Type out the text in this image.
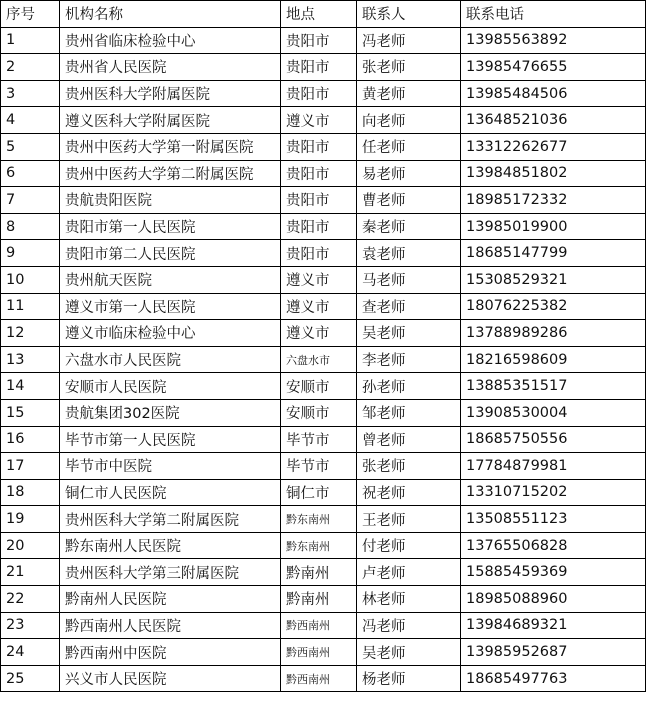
序号	机构名称	地点	联系人	联系电话
1	贵州省临床检验中心	贵阳市	冯老师	13985563892
2	贵州省人民医院	贵阳市	张老师	13985476655
3	贵州医科大学附属医院	贵阳市	黄老师	13985484506
4	遵义医科大学附属医院	遵义市	向老师	13648521036
5	贵州中医药大学第一附属医院	贵阳市	任老师	13312262677
6	贵州中医药大学第二附属医院	贵阳市	易老师	13984851802
7	贵航贵阳医院	贵阳市	曹老师	18985172332
8	贵阳市第一人民医院	贵阳市	秦老师	13985019900
9	贵阳市第二人民医院	贵阳市	袁老师	18685147799
10	贵州航天医院	遵义市	马老师	15308529321
11	遵义市第一人民医院	遵义市	查老师	18076225382
12	遵义市临床检验中心	遵义市	吴老师	13788989286
13	六盘水市人民医院	六盘水市	李老师	18216598609
14	安顺市人民医院	安顺市	孙老师	13885351517
15	贵航集团302医院	安顺市	邹老师	13908530004
16	毕节市第一人民医院	毕节市	曾老师	18685750556
17	毕节市中医院	毕节市	张老师	17784879981
18	铜仁市人民医院	铜仁市	祝老师	13310715202
19	贵州医科大学第二附属医院	黔东南州	王老师	13508551123
20	黔东南州人民医院	黔东南州	付老师	13765506828
21	贵州医科大学第三附属医院	黔南州	卢老师	15885459369
22	黔南州人民医院	黔南州	林老师	18985088960
23	黔西南州人民医院	黔西南州	冯老师	13984689321
24	黔西南州中医院	黔西南州	吴老师	13985952687
25	兴义市人民医院	黔西南州	杨老师	18685497763
